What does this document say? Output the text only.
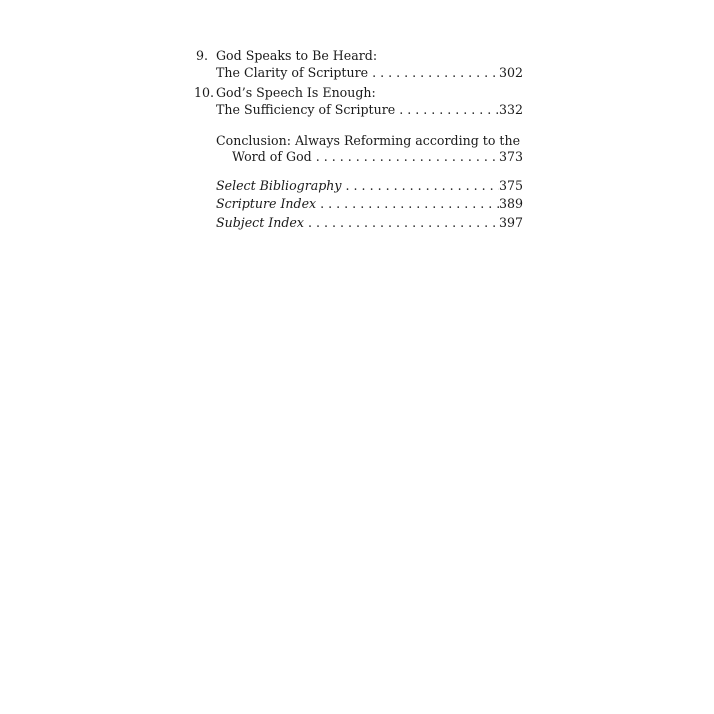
9. God Speaks to Be Heard:
The Clarity of Scripture . . .	302
10. God’s Speech Is Enough:
The Sufficiency of Scripture . . .	332
Conclusion: Always Reforming according to the
Word of God . . .	373
Select Bibliography . . .	375
Scripture Index . . .	389
Subject Index . . .	397
